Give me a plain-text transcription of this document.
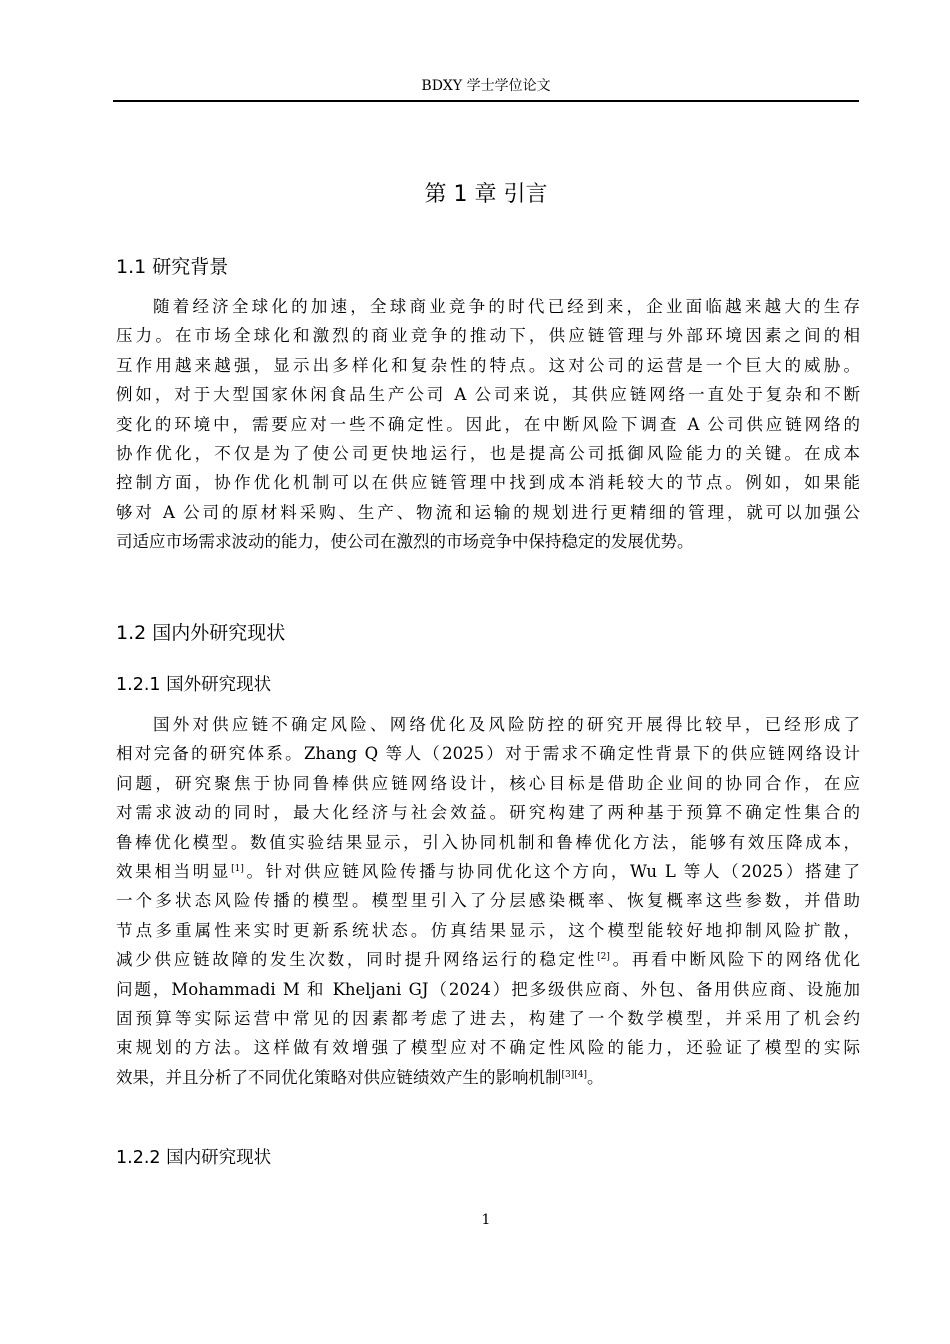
BDXY 学士学位论文
第 1 章 引言
1.1 研究背景
随着经济全球化的加速，全球商业竞争的时代已经到来，企业面临越来越大的生存
压力。在市场全球化和激烈的商业竞争的推动下，供应链管理与外部环境因素之间的相
互作用越来越强，显示出多样化和复杂性的特点。这对公司的运营是一个巨大的威胁。
例如，对于大型国家休闲食品生产公司 A 公司来说，其供应链网络一直处于复杂和不断
变化的环境中，需要应对一些不确定性。因此，在中断风险下调查 A 公司供应链网络的
协作优化，不仅是为了使公司更快地运行，也是提高公司抵御风险能力的关键。在成本
控制方面，协作优化机制可以在供应链管理中找到成本消耗较大的节点。例如，如果能
够对 A 公司的原材料采购、生产、物流和运输的规划进行更精细的管理，就可以加强公
司适应市场需求波动的能力，使公司在激烈的市场竞争中保持稳定的发展优势。
1.2 国内外研究现状
1.2.1 国外研究现状
国外对供应链不确定风险、网络优化及风险防控的研究开展得比较早，已经形成了
相对完备的研究体系。Zhang Q 等人（2025）对于需求不确定性背景下的供应链网络设计
问题，研究聚焦于协同鲁棒供应链网络设计，核心目标是借助企业间的协同合作，在应
对需求波动的同时，最大化经济与社会效益。研究构建了两种基于预算不确定性集合的
鲁棒优化模型。数值实验结果显示，引入协同机制和鲁棒优化方法，能够有效压降成本，
效果相当明显[1]。针对供应链风险传播与协同优化这个方向，Wu L 等人（2025）搭建了
一个多状态风险传播的模型。模型里引入了分层感染概率、恢复概率这些参数，并借助
节点多重属性来实时更新系统状态。仿真结果显示，这个模型能较好地抑制风险扩散，
减少供应链故障的发生次数，同时提升网络运行的稳定性[2]。再看中断风险下的网络优化
问题，Mohammadi M 和 Kheljani GJ（2024）把多级供应商、外包、备用供应商、设施加
固预算等实际运营中常见的因素都考虑了进去，构建了一个数学模型，并采用了机会约
束规划的方法。这样做有效增强了模型应对不确定性风险的能力，还验证了模型的实际
效果，并且分析了不同优化策略对供应链绩效产生的影响机制[3][4]。
1.2.2 国内研究现状
1
